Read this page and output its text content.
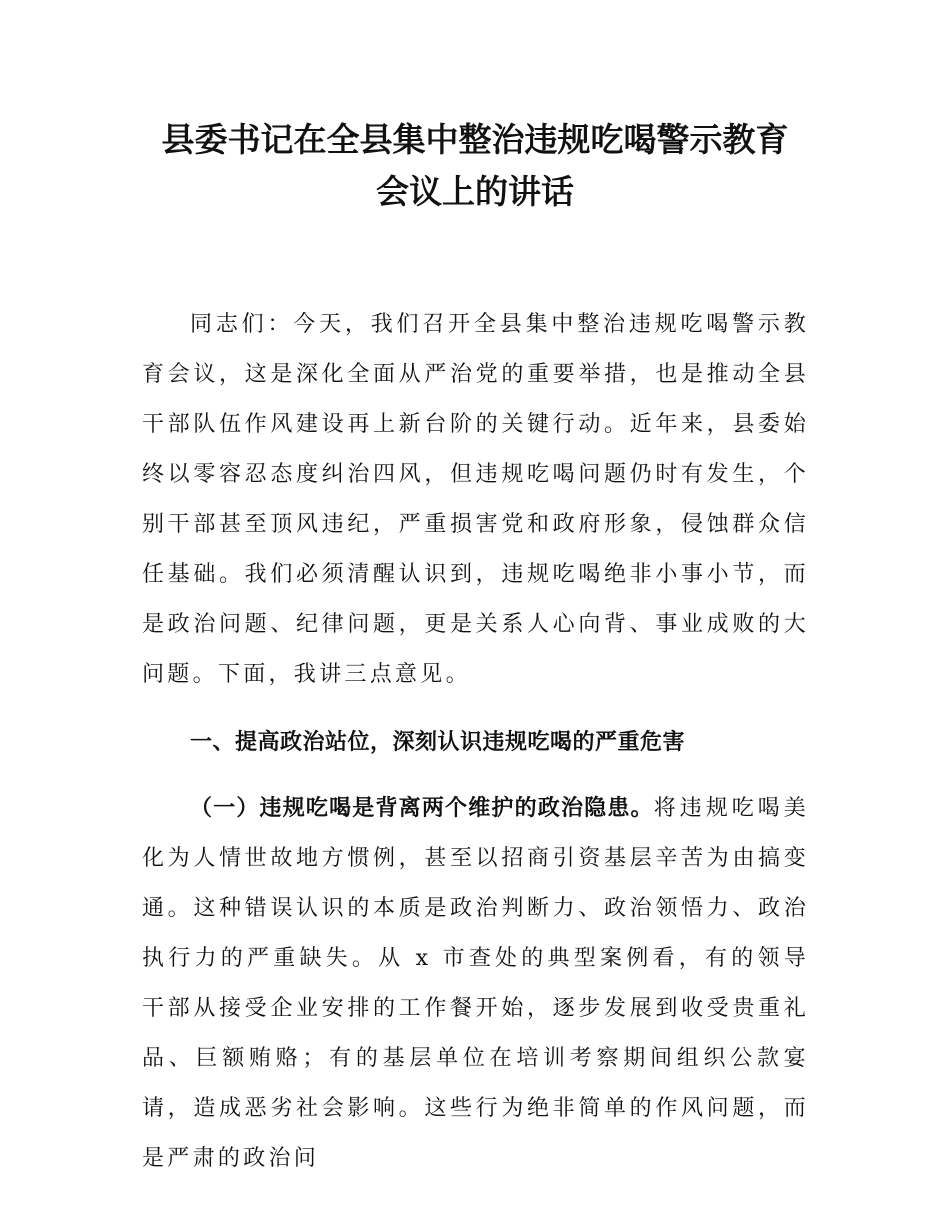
县委书记在全县集中整治违规吃喝警示教育
会议上的讲话

同志们：今天，我们召开全县集中整治违规吃喝警示教育会议，这是深化全面从严治党的重要举措，也是推动全县干部队伍作风建设再上新台阶的关键行动。近年来，县委始终以零容忍态度纠治四风，但违规吃喝问题仍时有发生，个别干部甚至顶风违纪，严重损害党和政府形象，侵蚀群众信任基础。我们必须清醒认识到，违规吃喝绝非小事小节，而是政治问题、纪律问题，更是关系人心向背、事业成败的大问题。下面，我讲三点意见。

一、提高政治站位，深刻认识违规吃喝的严重危害

（一）违规吃喝是背离两个维护的政治隐患。将违规吃喝美化为人情世故地方惯例，甚至以招商引资基层辛苦为由搞变通。这种错误认识的本质是政治判断力、政治领悟力、政治执行力的严重缺失。从 x 市查处的典型案例看，有的领导干部从接受企业安排的工作餐开始，逐步发展到收受贵重礼品、巨额贿赂；有的基层单位在培训考察期间组织公款宴请，造成恶劣社会影响。这些行为绝非简单的作风问题，而是严肃的政治问
